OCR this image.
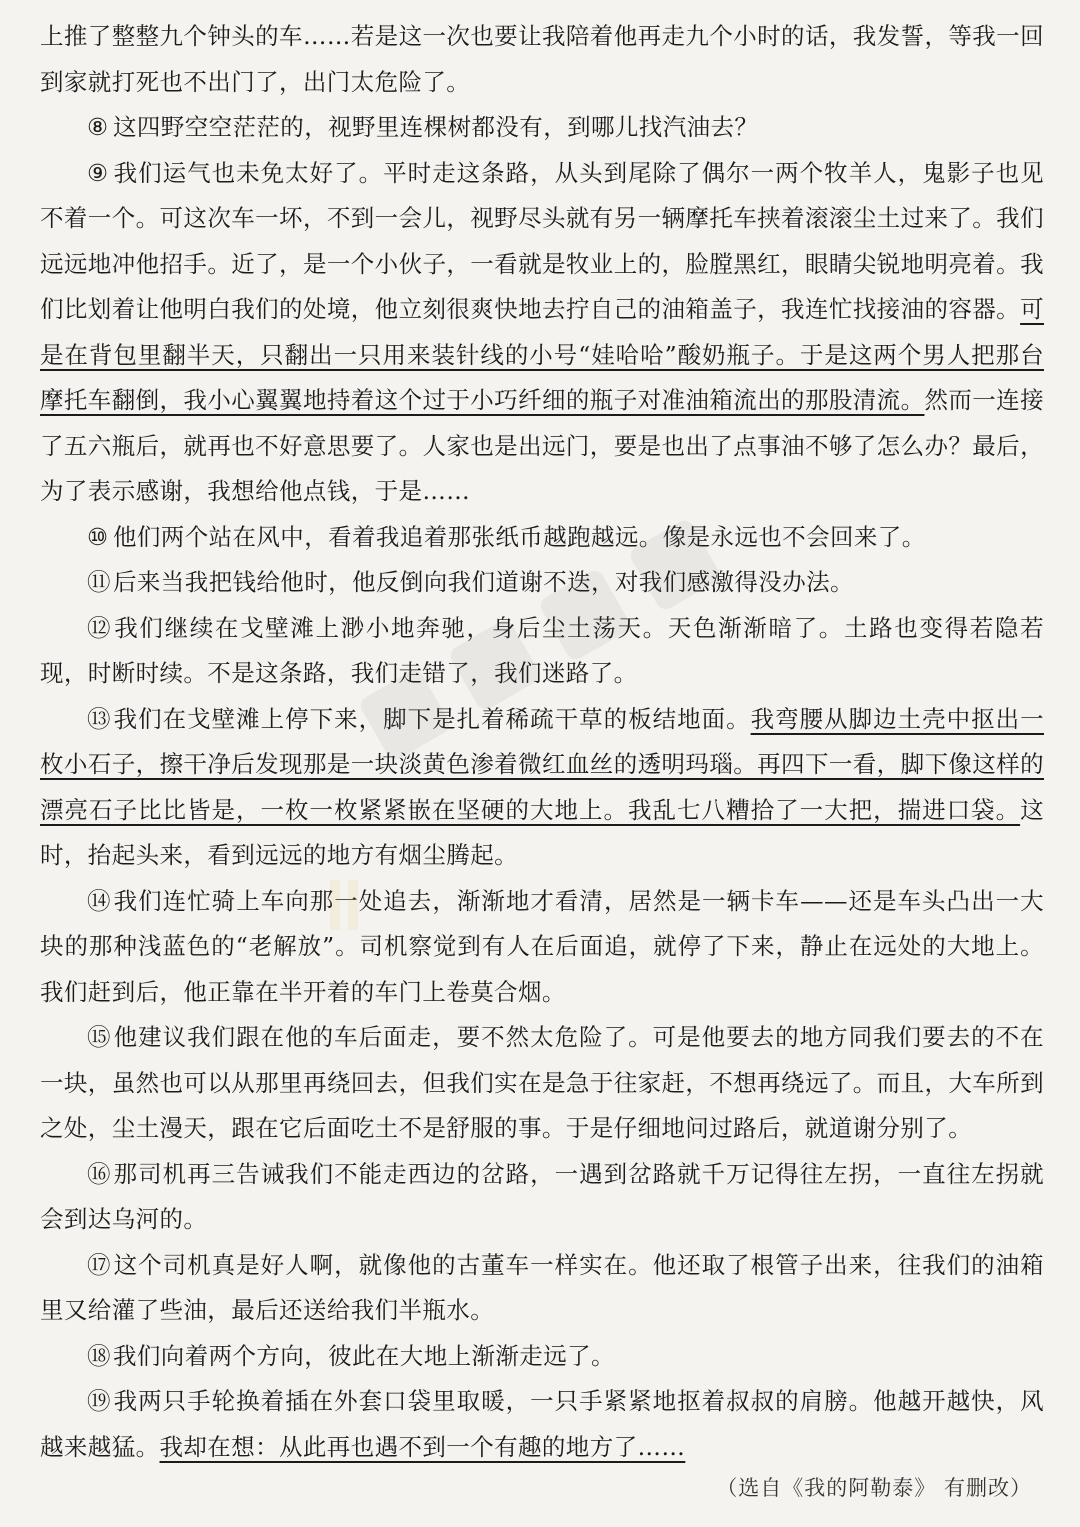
上推了整整九个钟头的车……若是这一次也要让我陪着他再走九个小时的话，我发誓，等我一回到家就打死也不出门了，出门太危险了。

⑧ 这四野空空茫茫的，视野里连棵树都没有，到哪儿找汽油去？

⑨ 我们运气也未免太好了。平时走这条路，从头到尾除了偶尔一两个牧羊人，鬼影子也见不着一个。可这次车一坏，不到一会儿，视野尽头就有另一辆摩托车挟着滚滚尘土过来了。我们远远地冲他招手。近了，是一个小伙子，一看就是牧业上的，脸膛黑红，眼睛尖锐地明亮着。我们比划着让他明白我们的处境，他立刻很爽快地去拧自己的油箱盖子，我连忙找接油的容器。可是在背包里翻半天，只翻出一只用来装针线的小号“娃哈哈”酸奶瓶子。于是这两个男人把那台摩托车翻倒，我小心翼翼地持着这个过于小巧纤细的瓶子对准油箱流出的那股清流。然而一连接了五六瓶后，就再也不好意思要了。人家也是出远门，要是也出了点事油不够了怎么办？最后，为了表示感谢，我想给他点钱，于是……

⑩ 他们两个站在风中，看着我追着那张纸币越跑越远。像是永远也不会回来了。

⑪后来当我把钱给他时，他反倒向我们道谢不迭，对我们感激得没办法。

⑫我们继续在戈壁滩上渺小地奔驰，身后尘土荡天。天色渐渐暗了。土路也变得若隐若现，时断时续。不是这条路，我们走错了，我们迷路了。

⑬我们在戈壁滩上停下来，脚下是扎着稀疏干草的板结地面。我弯腰从脚边土壳中抠出一枚小石子，擦干净后发现那是一块淡黄色渗着微红血丝的透明玛瑙。再四下一看，脚下像这样的漂亮石子比比皆是，一枚一枚紧紧嵌在坚硬的大地上。我乱七八糟拾了一大把，揣进口袋。这时，抬起头来，看到远远的地方有烟尘腾起。

⑭我们连忙骑上车向那一处追去，渐渐地才看清，居然是一辆卡车——还是车头凸出一大块的那种浅蓝色的“老解放”。司机察觉到有人在后面追，就停了下来，静止在远处的大地上。我们赶到后，他正靠在半开着的车门上卷莫合烟。

⑮他建议我们跟在他的车后面走，要不然太危险了。可是他要去的地方同我们要去的不在一块，虽然也可以从那里再绕回去，但我们实在是急于往家赶，不想再绕远了。而且，大车所到之处，尘土漫天，跟在它后面吃土不是舒服的事。于是仔细地问过路后，就道谢分别了。

⑯那司机再三告诫我们不能走西边的岔路，一遇到岔路就千万记得往左拐，一直往左拐就会到达乌河的。

⑰这个司机真是好人啊，就像他的古董车一样实在。他还取了根管子出来，往我们的油箱里又给灌了些油，最后还送给我们半瓶水。

⑱我们向着两个方向，彼此在大地上渐渐走远了。

⑲我两只手轮换着插在外套口袋里取暖，一只手紧紧地抠着叔叔的肩膀。他越开越快，风越来越猛。我却在想：从此再也遇不到一个有趣的地方了……

（选自《我的阿勒泰》 有删改）
